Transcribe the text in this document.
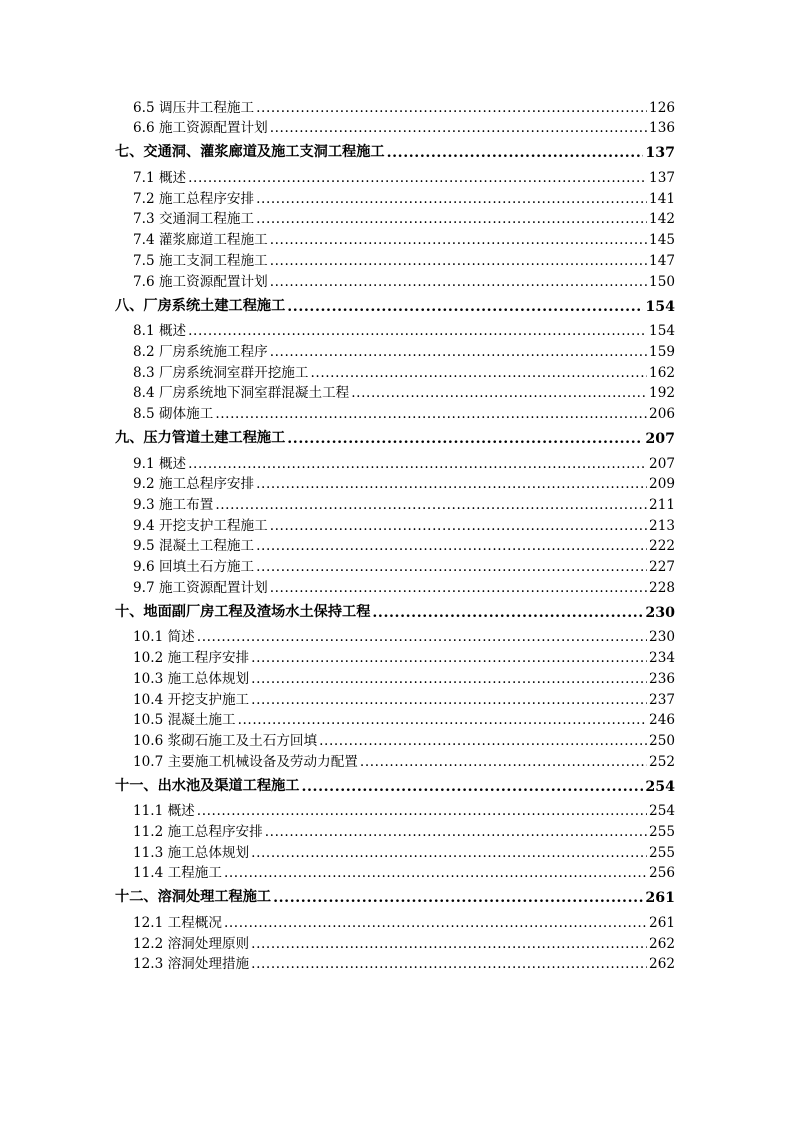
6.5 调压井工程施工 .....	126
6.6 施工资源配置计划 .....	136
七、交通洞、灌浆廊道及施工支洞工程施工 .....	137
7.1 概述 .....	137
7.2 施工总程序安排 .....	141
7.3 交通洞工程施工 .....	142
7.4 灌浆廊道工程施工 .....	145
7.5 施工支洞工程施工 .....	147
7.6 施工资源配置计划 .....	150
八、厂房系统土建工程施工 .....	154
8.1 概述 .....	154
8.2 厂房系统施工程序 .....	159
8.3 厂房系统洞室群开挖施工 .....	162
8.4 厂房系统地下洞室群混凝土工程 .....	192
8.5 砌体施工 .....	206
九、压力管道土建工程施工 .....	207
9.1 概述 .....	207
9.2 施工总程序安排 .....	209
9.3 施工布置 .....	211
9.4 开挖支护工程施工 .....	213
9.5 混凝土工程施工 .....	222
9.6 回填土石方施工 .....	227
9.7 施工资源配置计划 .....	228
十、地面副厂房工程及渣场水土保持工程 .....	230
10.1 简述 .....	230
10.2 施工程序安排 .....	234
10.3 施工总体规划 .....	236
10.4 开挖支护施工 .....	237
10.5 混凝土施工 .....	246
10.6 浆砌石施工及土石方回填 .....	250
10.7 主要施工机械设备及劳动力配置 .....	252
十一、出水池及渠道工程施工 .....	254
11.1 概述 .....	254
11.2 施工总程序安排 .....	255
11.3 施工总体规划 .....	255
11.4 工程施工 .....	256
十二、溶洞处理工程施工 .....	261
12.1 工程概况 .....	261
12.2 溶洞处理原则 .....	262
12.3 溶洞处理措施 .....	262
